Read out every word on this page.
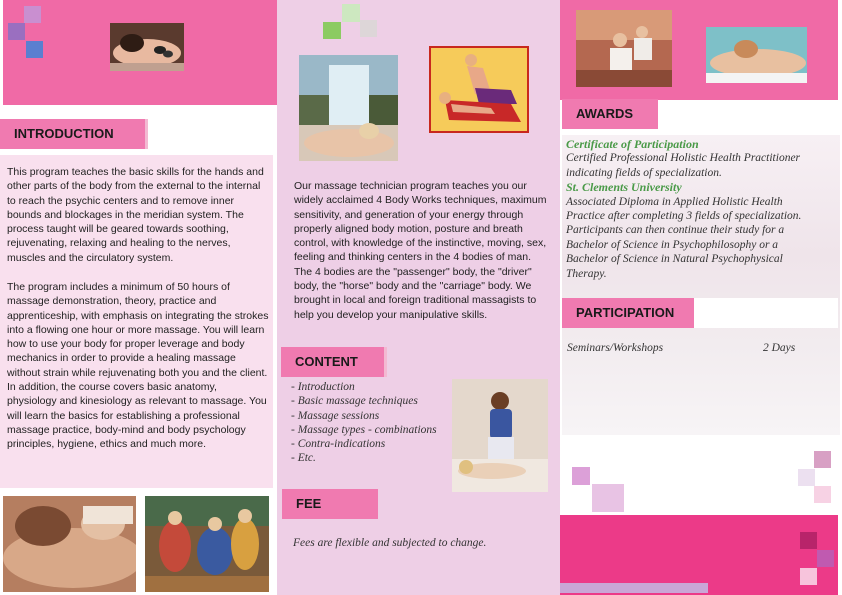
INTRODUCTION
This program teaches the basic skills for the hands and other parts of the body from the external to the internal to reach the psychic centers and to remove inner bounds and blockages in the meridian system. The process taught will be geared towards soothing, rejuvenating, relaxing and healing to the nerves, muscles and the circulatory system.
The program includes a minimum of 50 hours of massage demonstration, theory, practice and apprenticeship, with emphasis on integrating the strokes into a flowing one hour or more massage. You will learn how to use your body for proper leverage and body mechanics in order to provide a healing massage without strain while rejuvenating both you and the client. In addition, the course covers basic anatomy, physiology and kinesiology as relevant to massage. You will learn the basics for establishing a professional massage practice, body-mind and body psychology principles, hygiene, ethics and much more.
Our massage technician program teaches you our widely acclaimed 4 Body Works techniques, maximum sensitivity, and generation of your energy through properly aligned body motion, posture and breath control, with knowledge of the instinctive, moving, sex, feeling and thinking centers in the 4 bodies of man. The 4 bodies are the "passenger" body, the "driver" body, the "horse" body and the "carriage" body. We brought in local and foreign traditional massagists to help you develop your manipulative skills.
CONTENT
- Introduction
- Basic massage techniques
- Massage sessions
- Massage types - combinations
- Contra-indications
- Etc.
FEE
Fees are flexible and subjected to change.
AWARDS
Certificate of Participation
Certified Professional Holistic Health Practitioner indicating fields of specialization.
St. Clements University
Associated Diploma in Applied Holistic Health Practice after completing 3 fields of specialization.
Participants can then continue their study for a Bachelor of Science in Psychophilosophy or a Bachelor of Science in Natural Psychophysical Therapy.
PARTICIPATION
Seminars/Workshops	2 Days
